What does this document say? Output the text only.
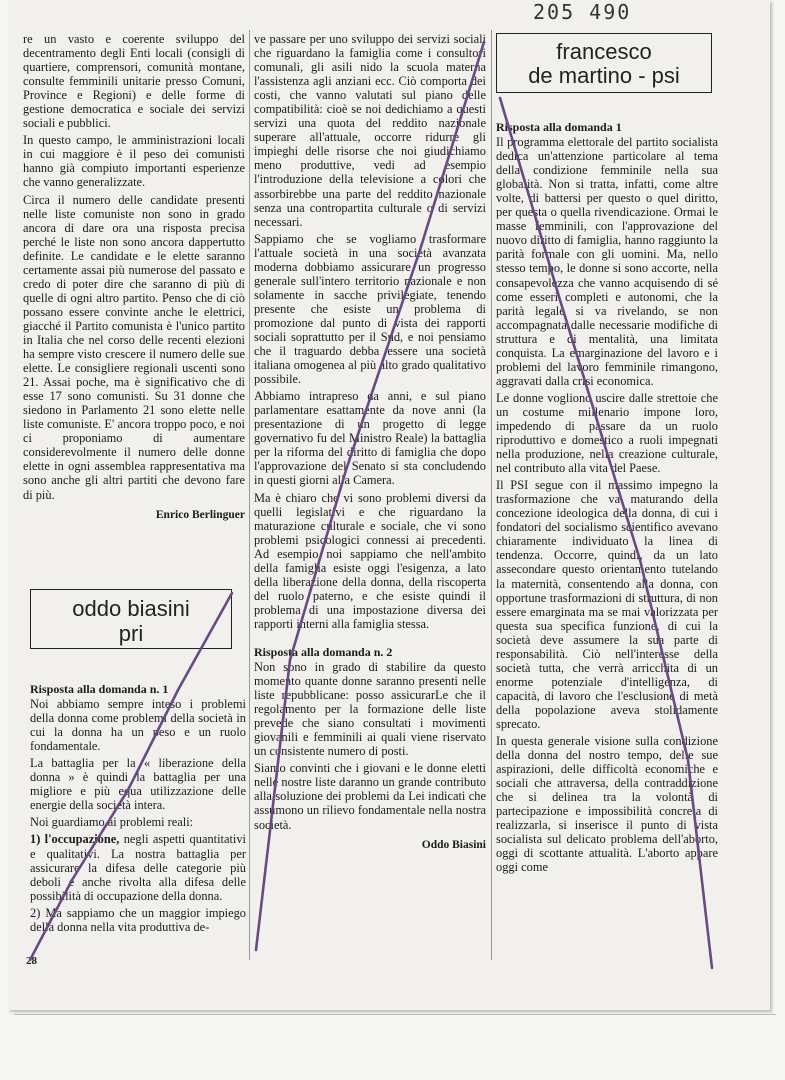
205 490

re un vasto e coerente sviluppo del decentramento degli Enti locali (consigli di quartiere, comprensori, comunità montane, consulte femminili unitarie presso Comuni, Province e Regioni) e delle forme di gestione democratica e sociale dei servizi sociali e pubblici.

In questo campo, le amministrazioni locali in cui maggiore è il peso dei comunisti hanno già compiuto importanti esperienze che vanno generalizzate.

Circa il numero delle candidate presenti nelle liste comuniste non sono in grado ancora di dare ora una risposta precisa perché le liste non sono ancora dappertutto definite. Le candidate e le elette saranno certamente assai più numerose del passato e credo di poter dire che saranno di più di quelle di ogni altro partito. Penso che di ciò possano essere convinte anche le elettrici, giacché il Partito comunista è l'unico partito in Italia che nel corso delle recenti elezioni ha sempre visto crescere il numero delle sue elette. Le consigliere regionali uscenti sono 21. Assai poche, ma è significativo che di esse 17 sono comunisti. Su 31 donne che siedono in Parlamento 21 sono elette nelle liste comuniste. E' ancora troppo poco, e noi ci proponiamo di aumentare considerevolmente il numero delle donne elette in ogni assemblea rappresentativa ma sono anche gli altri partiti che devono fare di più.

Enrico Berlinguer

oddo biasini
pri
Risposta alla domanda n. 1

Noi abbiamo sempre inteso i problemi della donna come problemi della società in cui la donna ha un peso e un ruolo fondamentale.

La battaglia per la « liberazione della donna » è quindi la battaglia per una migliore e più equa utilizzazione delle energie della società intera.

Noi guardiamo ai problemi reali:

1) l'occupazione, negli aspetti quantitativi e qualitativi. La nostra battaglia per assicurare la difesa delle categorie più deboli e anche rivolta alla difesa delle possibilità di occupazione della donna.

2) Ma sappiamo che un maggior impiego della donna nella vita produttiva de-

28

ve passare per uno sviluppo dei servizi sociali che riguardano la famiglia come i consultori comunali, gli asili nido la scuola materna l'assistenza agli anziani ecc. Ciò comporta dei costi, che vanno valutati sul piano delle compatibilità: cioè se noi dedichiamo a questi servizi una quota del reddito nazionale superare all'attuale, occorre ridurre gli impieghi delle risorse che noi giudichiamo meno produttive, vedi ad esempio l'introduzione della televisione a colori che assorbirebbe una parte del reddito nazionale senza una contropartita culturale o di servizi necessari.

Sappiamo che se vogliamo trasformare l'attuale società in una società avanzata moderna dobbiamo assicurare un progresso generale sull'intero territorio nazionale e non solamente in sacche privilegiate, tenendo presente che esiste un problema di promozione dal punto di vista dei rapporti sociali soprattutto per il Sud, e noi pensiamo che il traguardo debba essere una società italiana omogenea al più alto grado qualitativo possibile.

Abbiamo intrapreso da anni, e sul piano parlamentare esattamente da nove anni (la presentazione di un progetto di legge governativo fu del Ministro Reale) la battaglia per la riforma del diritto di famiglia che dopo l'approvazione del Senato si sta concludendo in questi giorni alla Camera.

Ma è chiaro che vi sono problemi diversi da quelli legislativi e che riguardano la maturazione culturale e sociale, che vi sono problemi psicologici connessi ai precedenti. Ad esempio noi sappiamo che nell'ambito della famiglia esiste oggi l'esigenza, a lato della liberazione della donna, della riscoperta del ruolo paterno, e che esiste quindi il problema di una impostazione diversa dei rapporti interni alla famiglia stessa.

Risposta alla domanda n. 2

Non sono in grado di stabilire da questo momento quante donne saranno presenti nelle liste repubblicane: posso assicurarLe che il regolamento per la formazione delle liste prevede che siano consultati i movimenti giovanili e femminili ai quali viene riservato un consistente numero di posti.

Siamo convinti che i giovani e le donne eletti nelle nostre liste daranno un grande contributo alla soluzione dei problemi da Lei indicati che assumono un rilievo fondamentale nella nostra società.

Oddo Biasini

francesco
de martino - psi
Risposta alla domanda 1

Il programma elettorale del partito socialista dedica un'attenzione particolare al tema della condizione femminile nella sua globalità. Non si tratta, infatti, come altre volte, di battersi per questo o quel diritto, per questa o quella rivendicazione. Ormai le masse femminili, con l'approvazione del nuovo diritto di famiglia, hanno raggiunto la parità formale con gli uomini. Ma, nello stesso tempo, le donne si sono accorte, nella consapevolezza che vanno acquisendo di sé come esseri completi e autonomi, che la parità legale si va rivelando, se non accompagnata dalle necessarie modifiche di struttura e di mentalità, una limitata conquista. La emarginazione del lavoro e i problemi del lavoro femminile rimangono, aggravati dalla crisi economica.

Le donne vogliono uscire dalle strettoie che un costume millenario impone loro, impedendo di passare da un ruolo riproduttivo e domestico a ruoli impegnati nella produzione, nella creazione culturale, nel contributo alla vita del Paese.

Il PSI segue con il massimo impegno la trasformazione che va maturando della concezione ideologica della donna, di cui i fondatori del socialismo scientifico avevano chiaramente individuato la linea di tendenza. Occorre, quindi, da un lato assecondare questo orientamento tutelando la maternità, consentendo alla donna, con opportune trasformazioni di struttura, di non essere emarginata ma se mai valorizzata per questa sua specifica funzione, di cui la società deve assumere la sua parte di responsabilità. Ciò nell'interesse della società tutta, che verrà arricchita di un enorme potenziale d'intelligenza, di capacità, di lavoro che l'esclusione di metà della popolazione aveva stolidamente sprecato.

In questa generale visione sulla condizione della donna del nostro tempo, delle sue aspirazioni, delle difficoltà economiche e sociali che attraversa, della contraddizione che si delinea tra la volontà di partecipazione e impossibilità concreta di realizzarla, si inserisce il punto di vista socialista sul delicato problema dell'aborto, oggi di scottante attualità. L'aborto appare oggi come
